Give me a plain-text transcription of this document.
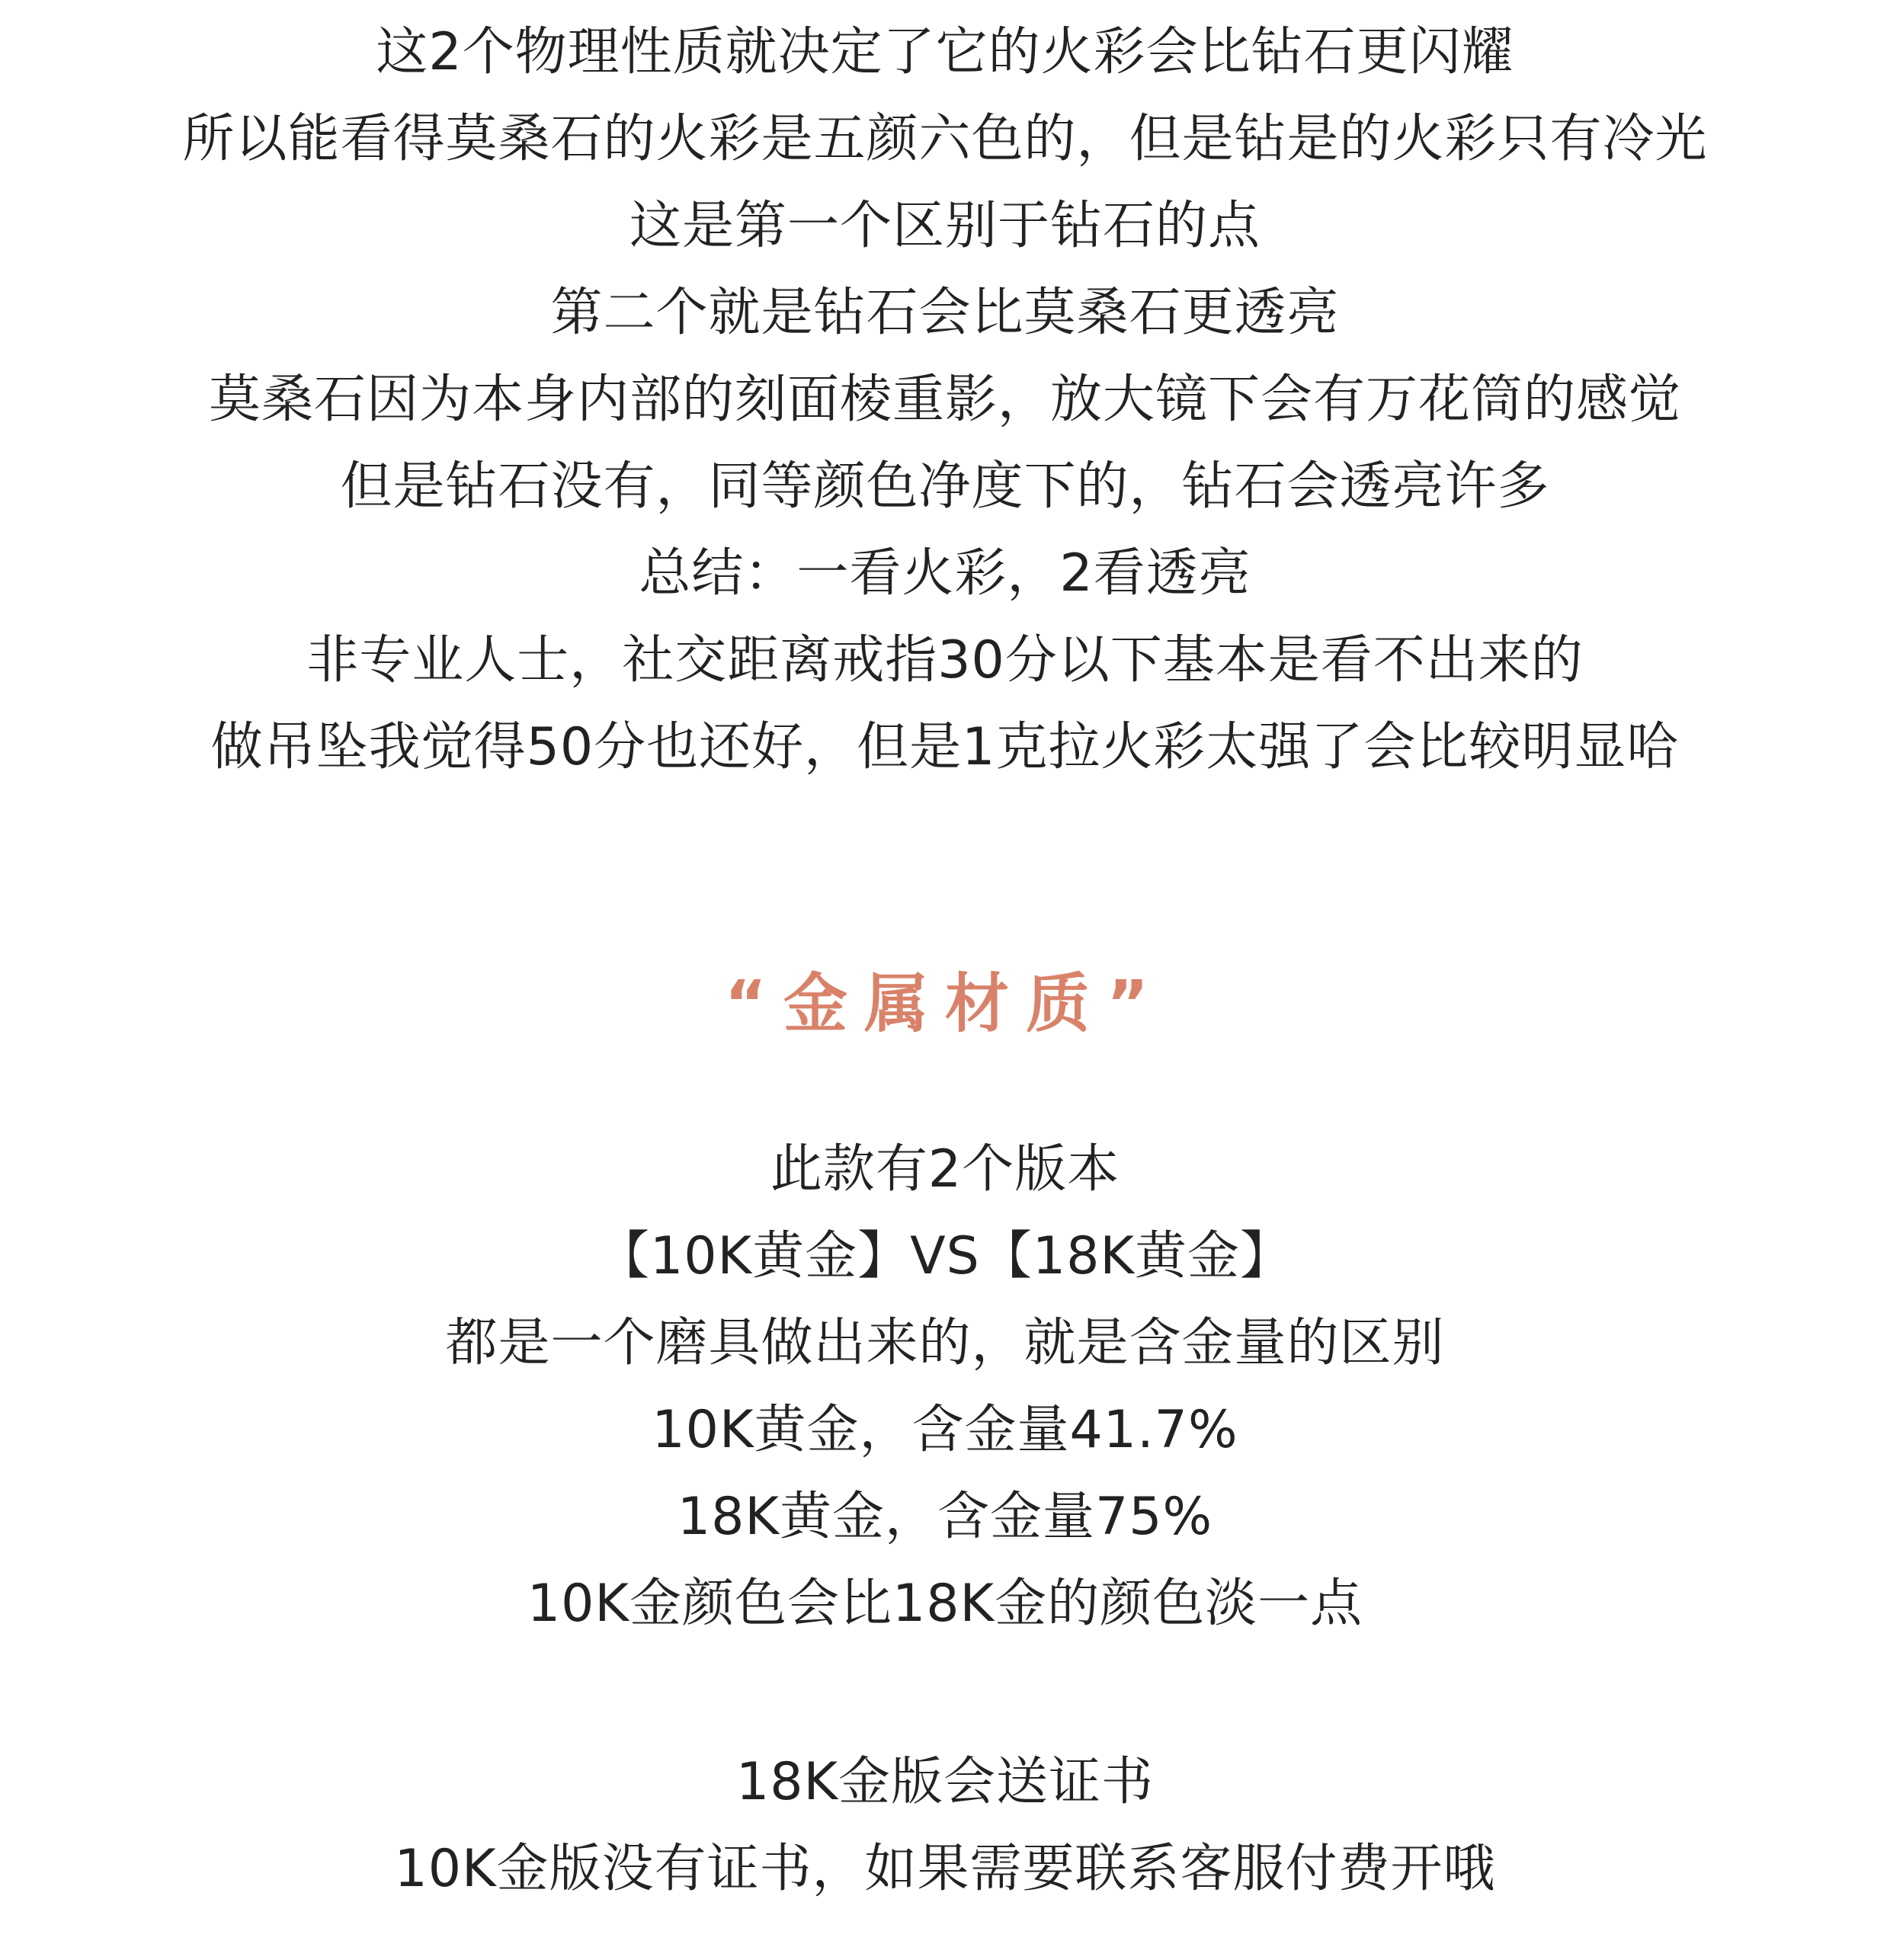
这2个物理性质就决定了它的火彩会比钻石更闪耀
所以能看得莫桑石的火彩是五颜六色的，但是钻是的火彩只有冷光
这是第一个区别于钻石的点
第二个就是钻石会比莫桑石更透亮
莫桑石因为本身内部的刻面棱重影，放大镜下会有万花筒的感觉
但是钻石没有，同等颜色净度下的，钻石会透亮许多
总结：一看火彩，2看透亮
非专业人士，社交距离戒指30分以下基本是看不出来的
做吊坠我觉得50分也还好，但是1克拉火彩太强了会比较明显哈
“金属材质”
此款有2个版本
【10K黄金】VS【18K黄金】
都是一个磨具做出来的，就是含金量的区别
10K黄金，含金量41.7%
18K黄金，含金量75%
10K金颜色会比18K金的颜色淡一点
18K金版会送证书
10K金版没有证书，如果需要联系客服付费开哦
